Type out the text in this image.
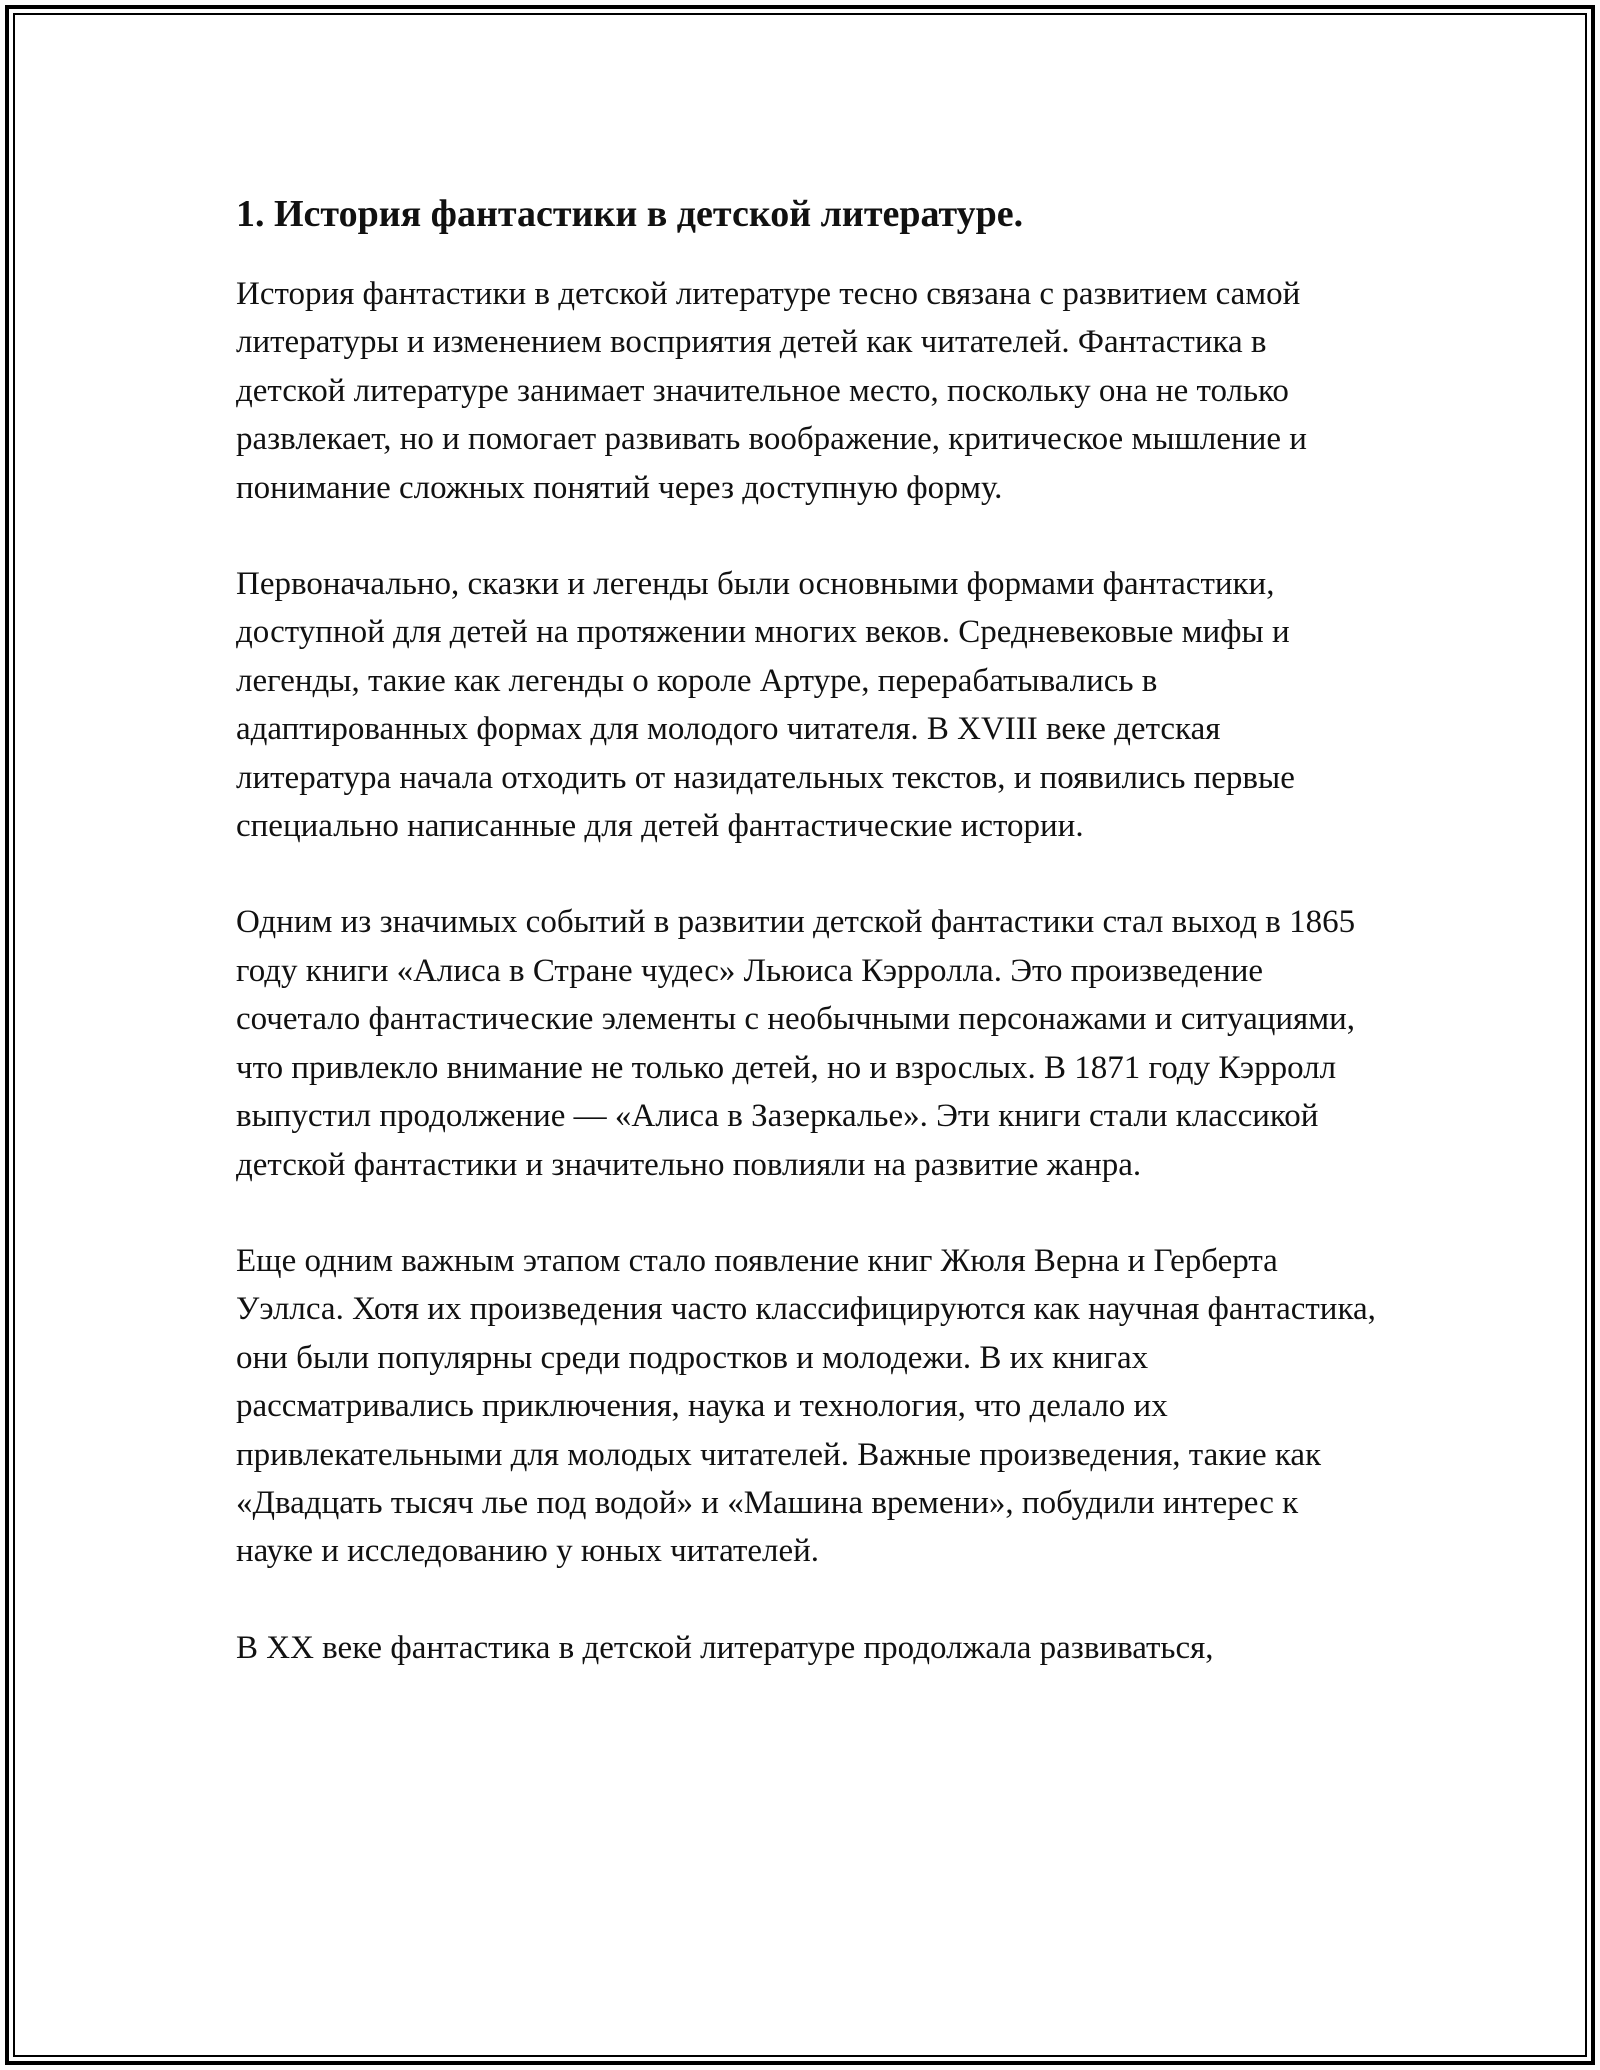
1. История фантастики в детской литературе.

История фантастики в детской литературе тесно связана с развитием самой литературы и изменением восприятия детей как читателей. Фантастика в детской литературе занимает значительное место, поскольку она не только развлекает, но и помогает развивать воображение, критическое мышление и понимание сложных понятий через доступную форму.

Первоначально, сказки и легенды были основными формами фантастики, доступной для детей на протяжении многих веков. Средневековые мифы и легенды, такие как легенды о короле Артуре, перерабатывались в адаптированных формах для молодого читателя. В XVIII веке детская литература начала отходить от назидательных текстов, и появились первые специально написанные для детей фантастические истории.

Одним из значимых событий в развитии детской фантастики стал выход в 1865 году книги «Алиса в Стране чудес» Льюиса Кэрролла. Это произведение сочетало фантастические элементы с необычными персонажами и ситуациями, что привлекло внимание не только детей, но и взрослых. В 1871 году Кэрролл выпустил продолжение — «Алиса в Зазеркалье». Эти книги стали классикой детской фантастики и значительно повлияли на развитие жанра.

Еще одним важным этапом стало появление книг Жюля Верна и Герберта Уэллса. Хотя их произведения часто классифицируются как научная фантастика, они были популярны среди подростков и молодежи. В их книгах рассматривались приключения, наука и технология, что делало их привлекательными для молодых читателей. Важные произведения, такие как «Двадцать тысяч лье под водой» и «Машина времени», побудили интерес к науке и исследованию у юных читателей.

В XX веке фантастика в детской литературе продолжала развиваться,
